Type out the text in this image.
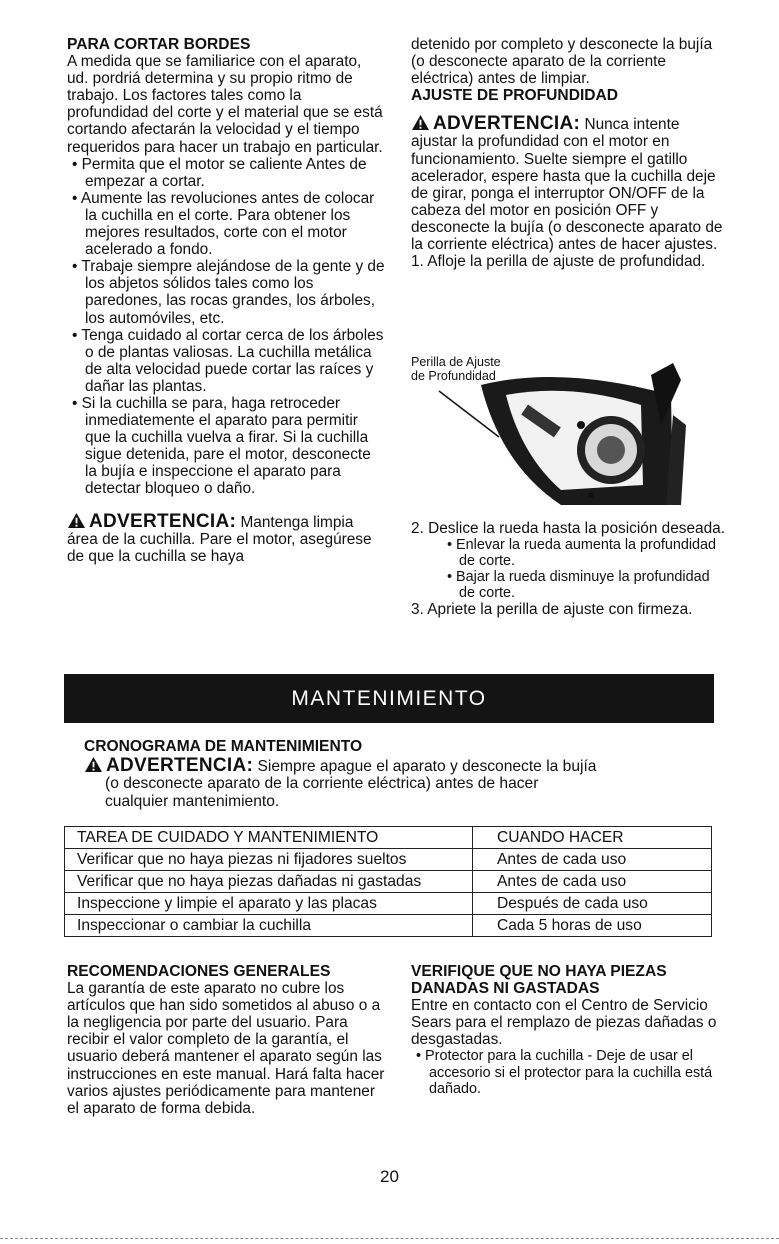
PARA CORTAR BORDES

A medida que se familiarice con el aparato, ud. pordriá determina y su propio ritmo de trabajo. Los factores tales como la profundidad del corte y el material que se está cortando afectarán la velocidad y el tiempo requeridos para hacer un trabajo en particular.

• Permita que el motor se caliente Antes de empezar a cortar.

• Aumente las revoluciones antes de colocar la cuchilla en el corte. Para obtener los mejores resultados, corte con el motor acelerado a fondo.

• Trabaje siempre alejándose de la gente y de los abjetos sólidos tales como los paredones, las rocas grandes, los árboles, los automóviles, etc.

• Tenga cuidado al cortar cerca de los árboles o de plantas valiosas. La cuchilla metálica de alta velocidad puede cortar las raíces y dañar las plantas.

• Si la cuchilla se para, haga retroceder inmediatemente el aparato para permitir que la cuchilla vuelva a firar. Si la cuchilla sigue detenida, pare el motor, desconecte la bujía e inspeccione el aparato para detectar bloqueo o daño.

ADVERTENCIA: Mantenga limpia área de la cuchilla. Pare el motor, asegúrese de que la cuchilla se haya

detenido por completo y desconecte la bujía (o desconecte aparato de la corriente eléctrica) antes de limpiar.

AJUSTE DE PROFUNDIDAD

ADVERTENCIA: Nunca intente ajustar la profundidad con el motor en funcionamiento. Suelte siempre el gatillo acelerador, espere hasta que la cuchilla deje de girar, ponga el interruptor ON/OFF de la cabeza del motor en posición OFF y desconecte la bujía (o desconecte aparato de la corriente eléctrica) antes de hacer ajustes.

1. Afloje la perilla de ajuste de profundidad.

Perilla de Ajuste
de Profundidad

2. Deslice la rueda hasta la posición deseada.

• Enlevar la rueda aumenta la profundidad de corte.

• Bajar la rueda disminuye la profundidad de corte.

3. Apriete la perilla de ajuste con firmeza.

MANTENIMIENTO
CRONOGRAMA DE MANTENIMIENTO
ADVERTENCIA: Siempre apague el aparato y desconecte la bujía
(o desconecte aparato de la corriente eléctrica) antes de hacer
cualquier mantenimiento.
TAREA DE CUIDADO Y MANTENIMIENTO	CUANDO HACER
Verificar que no haya piezas ni fijadores sueltos	Antes de cada uso
Verificar que no haya piezas dañadas ni gastadas	Antes de cada uso
Inspeccione y limpie el aparato y las placas	Después de cada uso
Inspeccionar o cambiar la cuchilla	Cada 5 horas de uso

RECOMENDACIONES GENERALES

La garantía de este aparato no cubre los artículos que han sido sometidos al abuso o a la negligencia por parte del usuario. Para recibir el valor completo de la garantía, el usuario deberá mantener el aparato según las instrucciones en este manual. Hará falta hacer varios ajustes periódicamente para mantener el aparato de forma debida.

VERIFIQUE QUE NO HAYA PIEZAS

DANADAS NI GASTADAS

Entre en contacto con el Centro de Servicio Sears para el remplazo de piezas dañadas o desgastadas.

• Protector para la cuchilla - Deje de usar el accesorio si el protector para la cuchilla está dañado.

20
